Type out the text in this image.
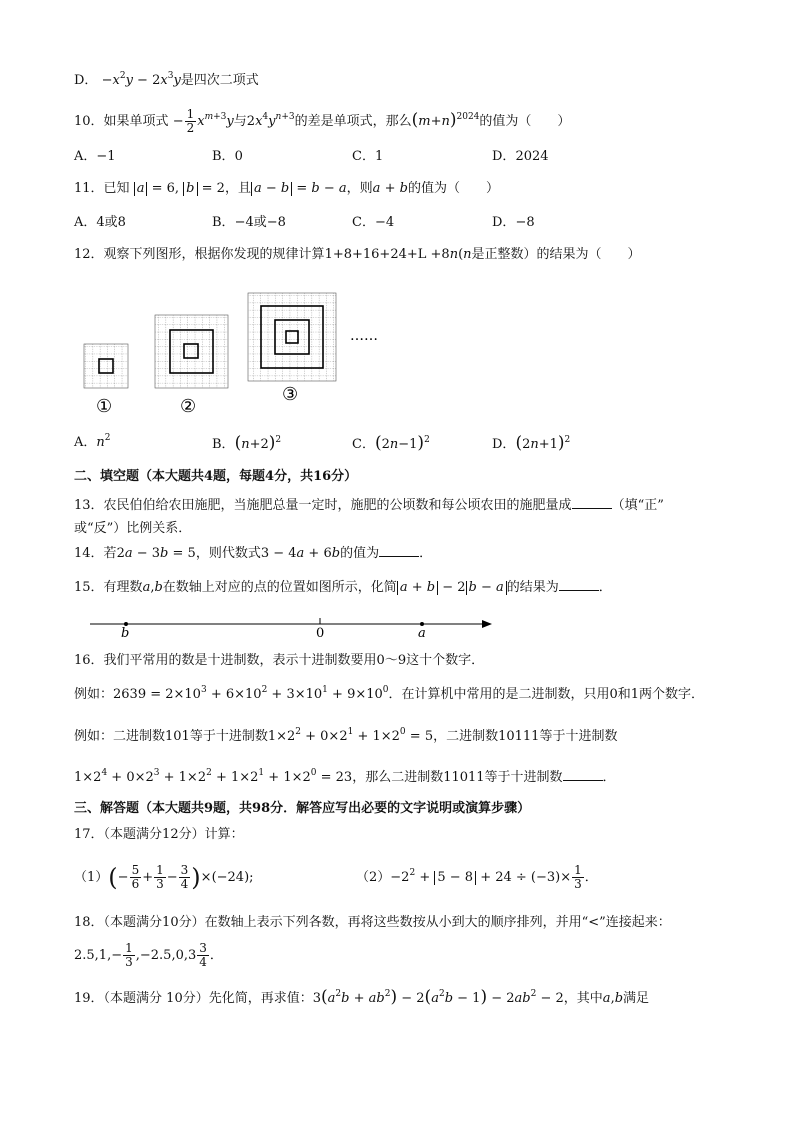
D． $-x^2y - 2x^3y$是四次二项式
10．如果单项式 − $\frac{1}{2} x^{m+3}y$与$2x^4y^{n+3}$的差是单项式，那么$(m+n)^{2024}$的值为（　　）
A．−1	B．0	C．1	D．2024
11．已知 a = 6, b = 2，且 a − b = b − a，则a + b的值为（　　）
A．4或8	B．−4或−8	C．−4	D．−8
12．观察下列图形，根据你发现的规律计算1+8+16+24+L +8n(n是正整数）的结果为（　　）
……
①	②
③
A．$n^2$	B．$(n+2)^2$	C．$(2n-1)^2$	D．$(2n+1)^2$
二、填空题（本大题共4题，每题4分，共16分）
13．农民伯伯给农田施肥，当施肥总量一定时，施肥的公顷数和每公顷农田的施肥量成	（填“正”
或“反”）比例关系．
14．若2a − 3b = 5，则代数式3 − 4a + 6b的值为	．
15．有理数a,b在数轴上对应的点的位置如图所示，化简 a + b − 2 b − a 的结果为	．
b	0	a
16．我们平常用的数是十进制数，表示十进制数要用0～9这十个数字．
例如：$2639 = 2\times 10^3 + 6\times 10^2 + 3\times 10^1 + 9\times 10^0$．在计算机中常用的是二进制数，只用0和1两个数字．
例如：二进制数101等于十进制数$1\times 2^2 + 0\times 2^1 + 1\times 2^0 = 5$，二进制数10111等于十进制数
$1\times 2^4 + 0\times 2^3 + 1\times 2^2 + 1\times 2^1 + 1\times 2^0 = 23$，那么二进制数11011等于十进制数	．
三、解答题（本大题共9题，共98分．解答应写出必要的文字说明或演算步骤）
17．（本题满分12分）计算：
$(1)(- \frac{5}{6} + \frac{1}{3} - \frac{3}{4} )\times(-24)$;	$(2)-2^2 + 5 - 8 + 24 \div (-3)\times \frac{1}{3}$ ．
18．（本题满分10分）在数轴上表示下列各数，再将这些数按从小到大的顺序排列，并用“<”连接起来：
$2.5,1,- \frac{1}{3} ,-2.5,0,3 \frac{3}{4}$ ．
19．（本题满分 10分）先化简，再求值：$3(a^2b + ab^2) - 2(a^2b - 1) - 2ab^2 - 2$，其中a,b满足
